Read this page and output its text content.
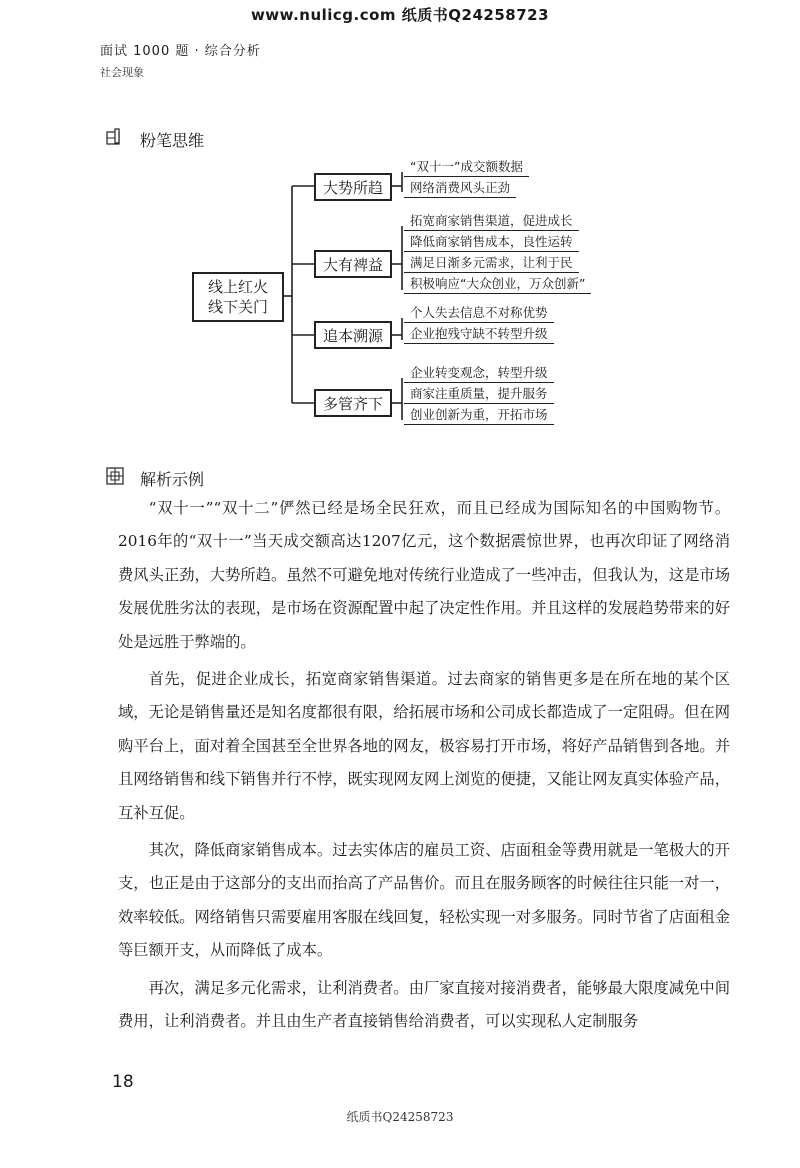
www.nulicg.com 纸质书Q24258723
面试 1000 题 · 综合分析
社会现象
粉笔思维
线上红火
线下关门
大势所趋
大有裨益
追本溯源
多管齐下
“双十一”成交额数据
网络消费风头正劲
拓宽商家销售渠道，促进成长
降低商家销售成本，良性运转
满足日渐多元需求，让利于民
积极响应“大众创业，万众创新”
个人失去信息不对称优势
企业抱残守缺不转型升级
企业转变观念，转型升级
商家注重质量，提升服务
创业创新为重，开拓市场
解析示例

“双十一”“双十二”俨然已经是场全民狂欢，而且已经成为国际知名的中国购物节。2016年的“双十一”当天成交额高达1207亿元，这个数据震惊世界，也再次印证了网络消费风头正劲，大势所趋。虽然不可避免地对传统行业造成了一些冲击，但我认为，这是市场发展优胜劣汰的表现，是市场在资源配置中起了决定性作用。并且这样的发展趋势带来的好处是远胜于弊端的。

首先，促进企业成长，拓宽商家销售渠道。过去商家的销售更多是在所在地的某个区域，无论是销售量还是知名度都很有限，给拓展市场和公司成长都造成了一定阻碍。但在网购平台上，面对着全国甚至全世界各地的网友，极容易打开市场，将好产品销售到各地。并且网络销售和线下销售并行不悖，既实现网友网上浏览的便捷，又能让网友真实体验产品，互补互促。

其次，降低商家销售成本。过去实体店的雇员工资、店面租金等费用就是一笔极大的开支，也正是由于这部分的支出而抬高了产品售价。而且在服务顾客的时候往往只能一对一，效率较低。网络销售只需要雇用客服在线回复，轻松实现一对多服务。同时节省了店面租金等巨额开支，从而降低了成本。

再次，满足多元化需求，让利消费者。由厂家直接对接消费者，能够最大限度减免中间费用，让利消费者。并且由生产者直接销售给消费者，可以实现私人定制服务

18
纸质书Q24258723
